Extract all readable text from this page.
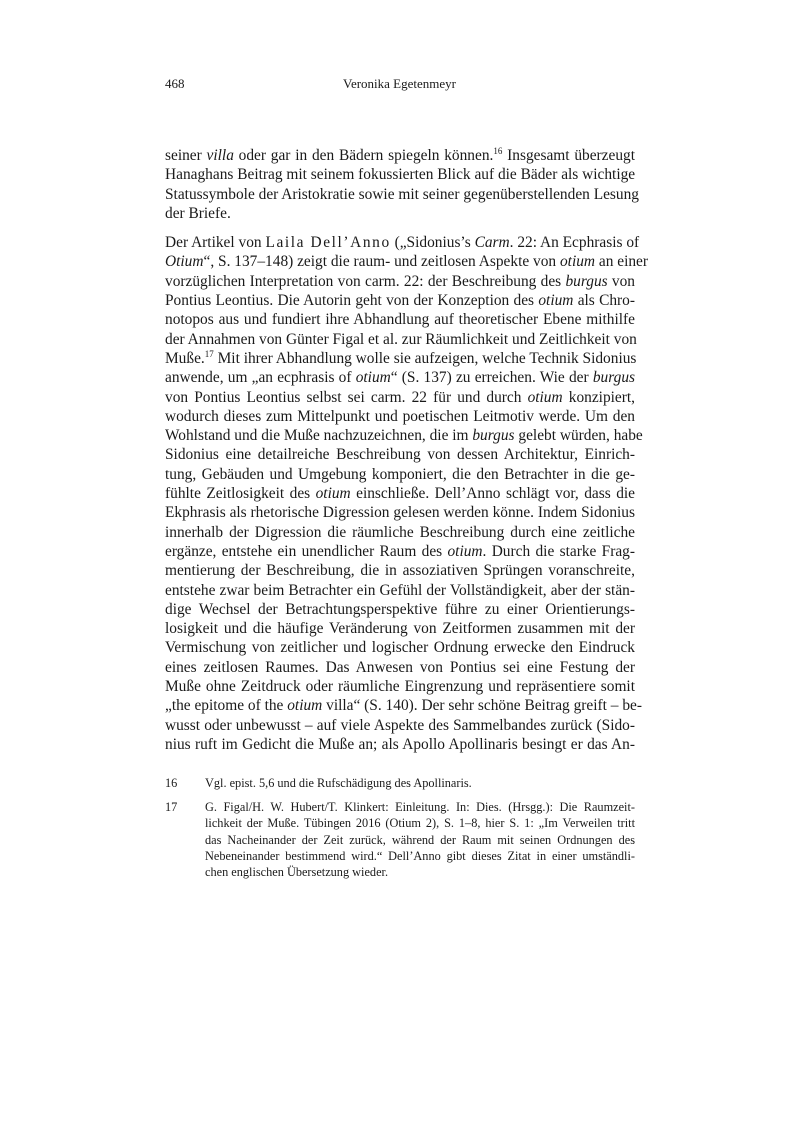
468	Veronika Egetenmeyr
seiner villa oder gar in den Bädern spiegeln können.$^{16}$ Insgesamt überzeugt
Hanaghans Beitrag mit seinem fokussierten Blick auf die Bäder als wichtige
Statussymbole der Aristokratie sowie mit seiner gegenüberstellenden Lesung
der Briefe.
Der Artikel von Laila Dell’Anno („Sidonius’s Carm. 22: An Ecphrasis of
Otium“, S. 137–148) zeigt die raum- und zeitlosen Aspekte von otium an einer
vorzüglichen Interpretation von carm. 22: der Beschreibung des burgus von
Pontius Leontius. Die Autorin geht von der Konzeption des otium als Chro-
notopos aus und fundiert ihre Abhandlung auf theoretischer Ebene mithilfe
der Annahmen von Günter Figal et al. zur Räumlichkeit und Zeitlichkeit von
Muße.$^{17}$ Mit ihrer Abhandlung wolle sie aufzeigen, welche Technik Sidonius
anwende, um „an ecphrasis of otium“ (S. 137) zu erreichen. Wie der burgus
von Pontius Leontius selbst sei carm. 22 für und durch otium konzipiert,
wodurch dieses zum Mittelpunkt und poetischen Leitmotiv werde. Um den
Wohlstand und die Muße nachzuzeichnen, die im burgus gelebt würden, habe
Sidonius eine detailreiche Beschreibung von dessen Architektur, Einrich-
tung, Gebäuden und Umgebung komponiert, die den Betrachter in die ge-
fühlte Zeitlosigkeit des otium einschließe. Dell’Anno schlägt vor, dass die
Ekphrasis als rhetorische Digression gelesen werden könne. Indem Sidonius
innerhalb der Digression die räumliche Beschreibung durch eine zeitliche
ergänze, entstehe ein unendlicher Raum des otium. Durch die starke Frag-
mentierung der Beschreibung, die in assoziativen Sprüngen voranschreite,
entstehe zwar beim Betrachter ein Gefühl der Vollständigkeit, aber der stän-
dige Wechsel der Betrachtungsperspektive führe zu einer Orientierungs-
losigkeit und die häufige Veränderung von Zeitformen zusammen mit der
Vermischung von zeitlicher und logischer Ordnung erwecke den Eindruck
eines zeitlosen Raumes. Das Anwesen von Pontius sei eine Festung der
Muße ohne Zeitdruck oder räumliche Eingrenzung und repräsentiere somit
„the epitome of the otium villa“ (S. 140). Der sehr schöne Beitrag greift – be-
wusst oder unbewusst – auf viele Aspekte des Sammelbandes zurück (Sido-
nius ruft im Gedicht die Muße an; als Apollo Apollinaris besingt er das An-
16 Vgl. epist. 5,6 und die Rufschädigung des Apollinaris.
17 G. Figal/H. W. Hubert/T. Klinkert: Einleitung. In: Dies. (Hrsgg.): Die Raumzeit-
lichkeit der Muße. Tübingen 2016 (Otium 2), S. 1–8, hier S. 1: „Im Verweilen tritt
das Nacheinander der Zeit zurück, während der Raum mit seinen Ordnungen des
Nebeneinander bestimmend wird.“ Dell’Anno gibt dieses Zitat in einer umständli-
chen englischen Übersetzung wieder.
